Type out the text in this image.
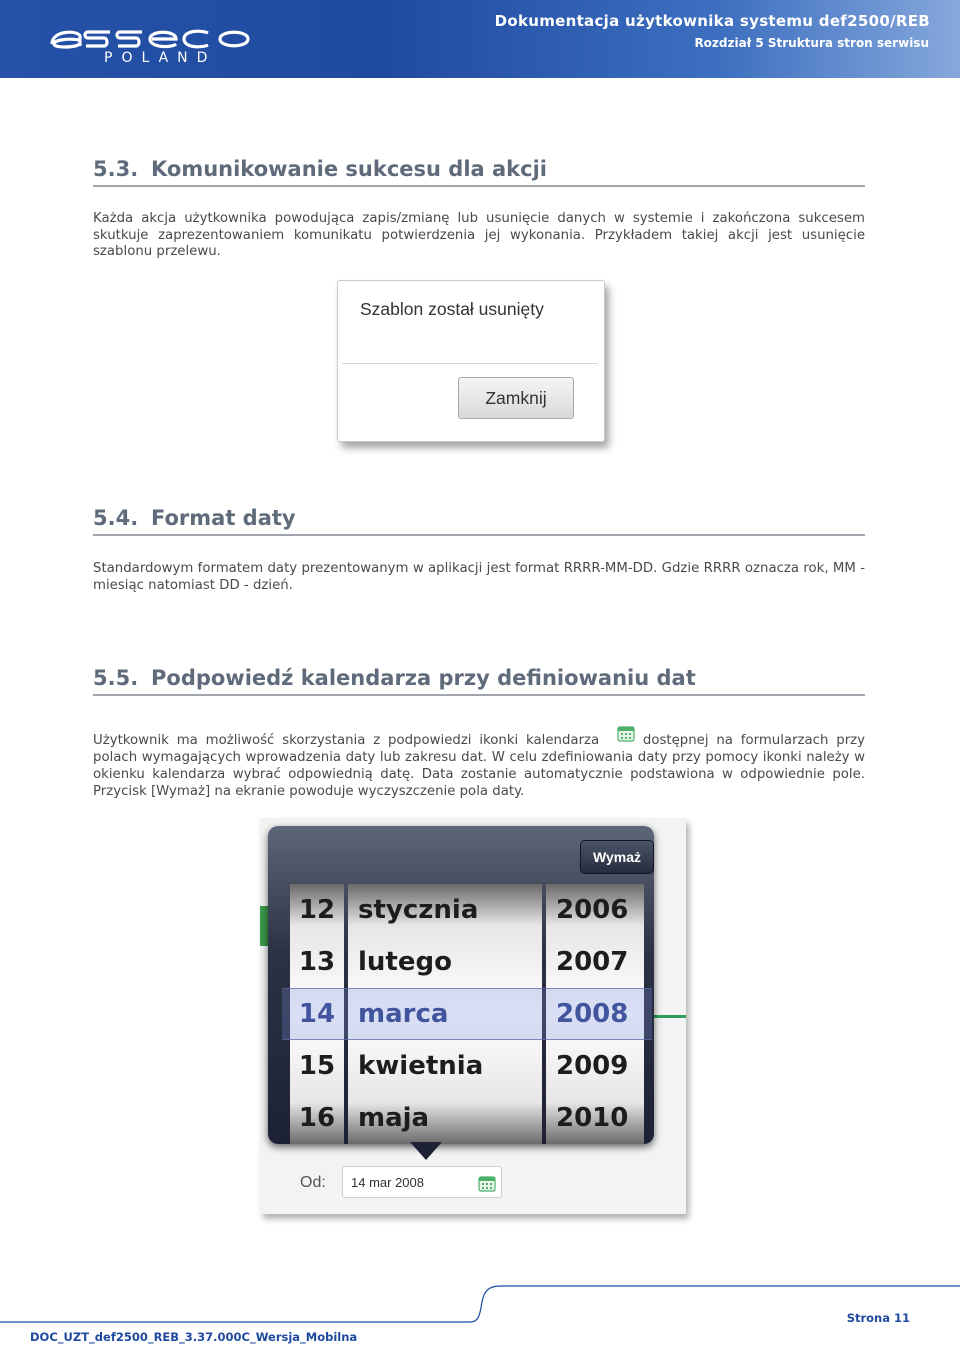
POLAND
Dokumentacja użytkownika systemu def2500/REB
Rozdział 5 Struktura stron serwisu
5.3. Komunikowanie sukcesu dla akcji
Każda akcja użytkownika powodująca zapis/zmianę lub usunięcie danych w systemie i zakończona sukcesem skutkuje zaprezentowaniem komunikatu potwierdzenia jej wykonania. Przykładem takiej akcji jest usunięcie szablonu przelewu.
Szablon został usunięty
Zamknij
5.4. Format daty
Standardowym formatem daty prezentowanym w aplikacji jest format RRRR-MM-DD. Gdzie RRRR oznacza rok, MM - miesiąc natomiast DD - dzień.
5.5. Podpowiedź kalendarza przy definiowaniu dat
Użytkownik ma możliwość skorzystania z podpowiedzi ikonki kalendarza	dostępnej na formularzach przy polach wymagających wprowadzenia daty lub zakresu dat. W celu zdefiniowania daty przy pomocy ikonki należy w okienku kalendarza wybrać odpowiednią datę. Data zostanie automatycznie podstawiona w odpowiednie pole. Przycisk [Wymaż] na ekranie powoduje wyczyszczenie pola daty.
Wymaż
12
13
14
15
16
stycznia
lutego
marca
kwietnia
maja
2006
2007
2008
2009
2010
Od:	14 mar 2008
Strona 11
DOC_UZT_def2500_REB_3.37.000C_Wersja_Mobilna
